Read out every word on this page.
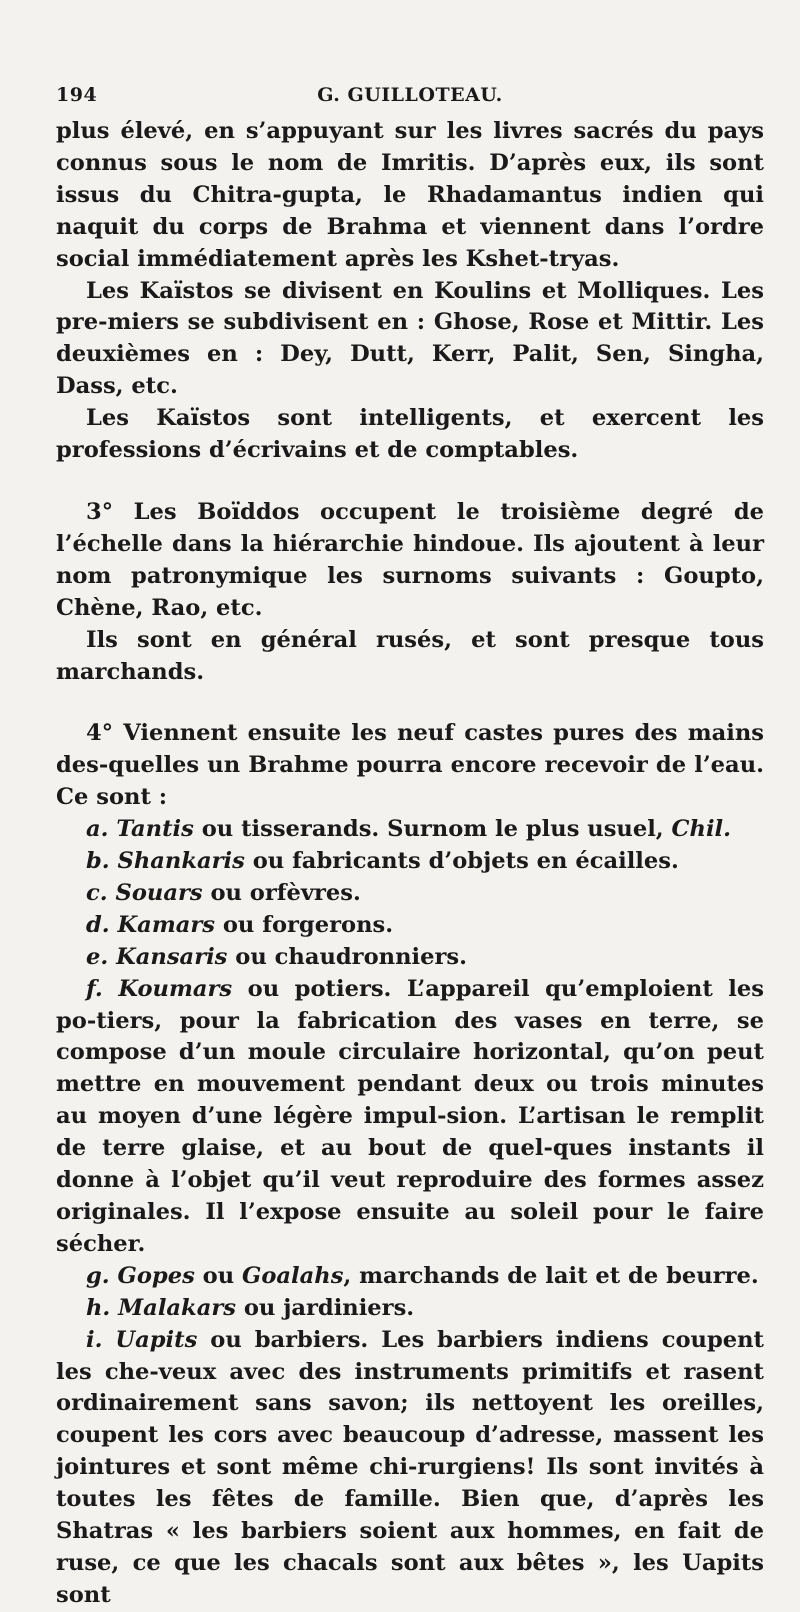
194	G. GUILLOTEAU.

plus élevé, en s’appuyant sur les livres sacrés du pays connus sous le nom de Imritis. D’après eux, ils sont issus du Chitra-gupta, le Rhadamantus indien qui naquit du corps de Brahma et viennent dans l’ordre social immédiatement après les Kshet-tryas.

Les Kaïstos se divisent en Koulins et Molliques. Les pre-miers se subdivisent en : Ghose, Rose et Mittir. Les deuxièmes en : Dey, Dutt, Kerr, Palit, Sen, Singha, Dass, etc.

Les Kaïstos sont intelligents, et exercent les professions d’écrivains et de comptables.

3° Les Boïddos occupent le troisième degré de l’échelle dans la hiérarchie hindoue. Ils ajoutent à leur nom patronymique les surnoms suivants : Goupto, Chène, Rao, etc.

Ils sont en général rusés, et sont presque tous marchands.

4° Viennent ensuite les neuf castes pures des mains des-quelles un Brahme pourra encore recevoir de l’eau. Ce sont :

a. Tantis ou tisserands. Surnom le plus usuel, Chil.

b. Shankaris ou fabricants d’objets en écailles.

c. Souars ou orfèvres.

d. Kamars ou forgerons.

e. Kansaris ou chaudronniers.

f. Koumars ou potiers. L’appareil qu’emploient les po-tiers, pour la fabrication des vases en terre, se compose d’un moule circulaire horizontal, qu’on peut mettre en mouvement pendant deux ou trois minutes au moyen d’une légère impul-sion. L’artisan le remplit de terre glaise, et au bout de quel-ques instants il donne à l’objet qu’il veut reproduire des formes assez originales. Il l’expose ensuite au soleil pour le faire sécher.

g. Gopes ou Goalahs, marchands de lait et de beurre.

h. Malakars ou jardiniers.

i. Uapits ou barbiers. Les barbiers indiens coupent les che-veux avec des instruments primitifs et rasent ordinairement sans savon; ils nettoyent les oreilles, coupent les cors avec beaucoup d’adresse, massent les jointures et sont même chi-rurgiens! Ils sont invités à toutes les fêtes de famille. Bien que, d’après les Shatras « les barbiers soient aux hommes, en fait de ruse, ce que les chacals sont aux bêtes », les Uapits sont
